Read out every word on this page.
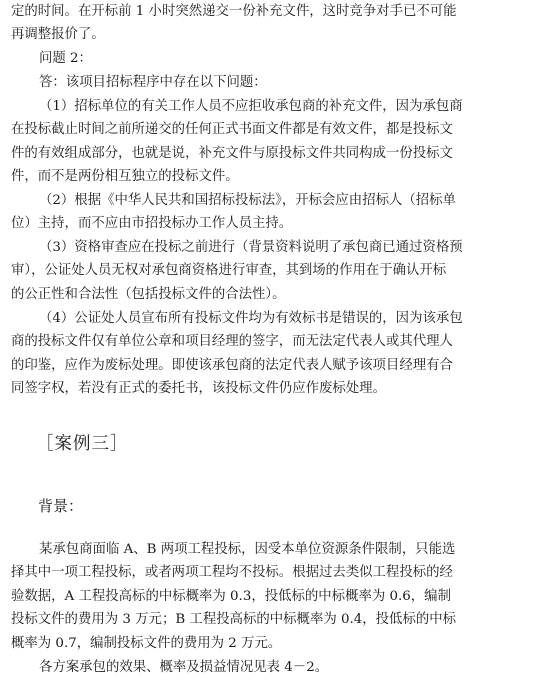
定的时间。在开标前 1 小时突然递交一份补充文件，这时竞争对手已不可能
再调整报价了。

问题 2：

答：该项目招标程序中存在以下问题：

（1）招标单位的有关工作人员不应拒收承包商的补充文件，因为承包商
在投标截止时间之前所递交的任何正式书面文件都是有效文件，都是投标文
件的有效组成部分，也就是说，补充文件与原投标文件共同构成一份投标文
件，而不是两份相互独立的投标文件。

（2）根据《中华人民共和国招标投标法》，开标会应由招标人（招标单
位）主持，而不应由市招投标办工作人员主持。

（3）资格审查应在投标之前进行（背景资料说明了承包商已通过资格预
审），公证处人员无权对承包商资格进行审查，其到场的作用在于确认开标
的公正性和合法性（包括投标文件的合法性）。

（4）公证处人员宣布所有投标文件均为有效标书是错误的，因为该承包
商的投标文件仅有单位公章和项目经理的签字，而无法定代表人或其代理人
的印鉴，应作为废标处理。即使该承包商的法定代表人赋予该项目经理有合
同签字权，若没有正式的委托书，该投标文件仍应作废标处理。

［案例三］
背景：

某承包商面临 A、B 两项工程投标，因受本单位资源条件限制，只能选
择其中一项工程投标，或者两项工程均不投标。根据过去类似工程投标的经
验数据，A 工程投高标的中标概率为 0.3，投低标的中标概率为 0.6，编制
投标文件的费用为 3 万元；B 工程投高标的中标概率为 0.4，投低标的中标
概率为 0.7，编制投标文件的费用为 2 万元。

各方案承包的效果、概率及损益情况见表 4－2。
